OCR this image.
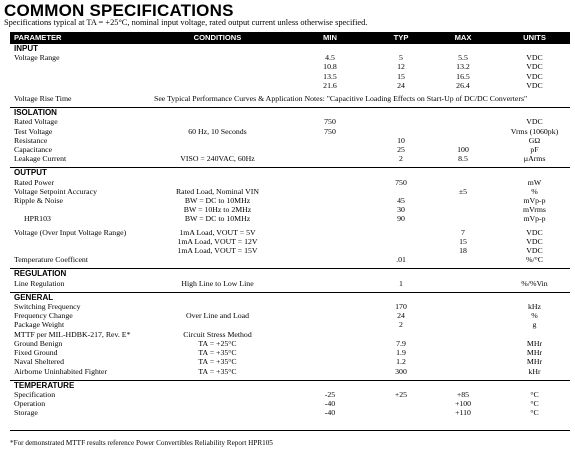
COMMON SPECIFICATIONS
Specifications typical at TA = +25°C, nominal input voltage, rated output current unless otherwise specified.
PARAMETER	CONDITIONS	MIN	TYP	MAX	UNITS
INPUT					
Voltage Range		4.5	5	5.5	VDC
		10.8	12	13.2	VDC
		13.5	15	16.5	VDC
		21.6	24	26.4	VDC
Voltage Rise Time	See Typical Performance Curves & Application Notes: "Capacitive Loading Effects on Start-Up of DC/DC Converters"				

ISOLATION					
Rated Voltage		750			VDC
Test Voltage	60 Hz, 10 Seconds	750			Vrms (1060pk)
Resistance			10		GΩ
Capacitance			25	100	pF
Leakage Current	VISO = 240VAC, 60Hz		2	8.5	µArms

OUTPUT					
Rated Power			750		mW
Voltage Setpoint Accuracy	Rated Load, Nominal VIN			±5	%
Ripple & Noise	BW = DC to 10MHz		45		mVp-p
	BW = 10Hz to 2MHz		30		mVrms
HPR103	BW = DC to 10MHz		90		mVp-p

Voltage (Over Input Voltage Range)	1mA Load, VOUT = 5V			7	VDC
	1mA Load, VOUT = 12V			15	VDC
	1mA Load, VOUT = 15V			18	VDC
Temperature Coefficent			.01		%/°C

REGULATION					
Line Regulation	High Line to Low Line		1		%/%Vin

GENERAL					
Switching Frequency			170		kHz
Frequency Change	Over Line and Load		24		%
Package Weight			2		g
MTTF per MIL-HDBK-217, Rev. E*	Circuit Stress Method				
Ground Benign	TA = +25°C		7.9		MHr
Fixed Ground	TA = +35°C		1.9		MHr
Naval Sheltered	TA = +35°C		1.2		MHr
Airborne Uninhabited Fighter	TA = +35°C		300		kHr

TEMPERATURE					
Specification		-25	+25	+85	°C
Operation		-40		+100	°C
Storage		-40		+110	°C
*For demonstrated MTTF results reference Power Convertibles Reliability Report HPR105
